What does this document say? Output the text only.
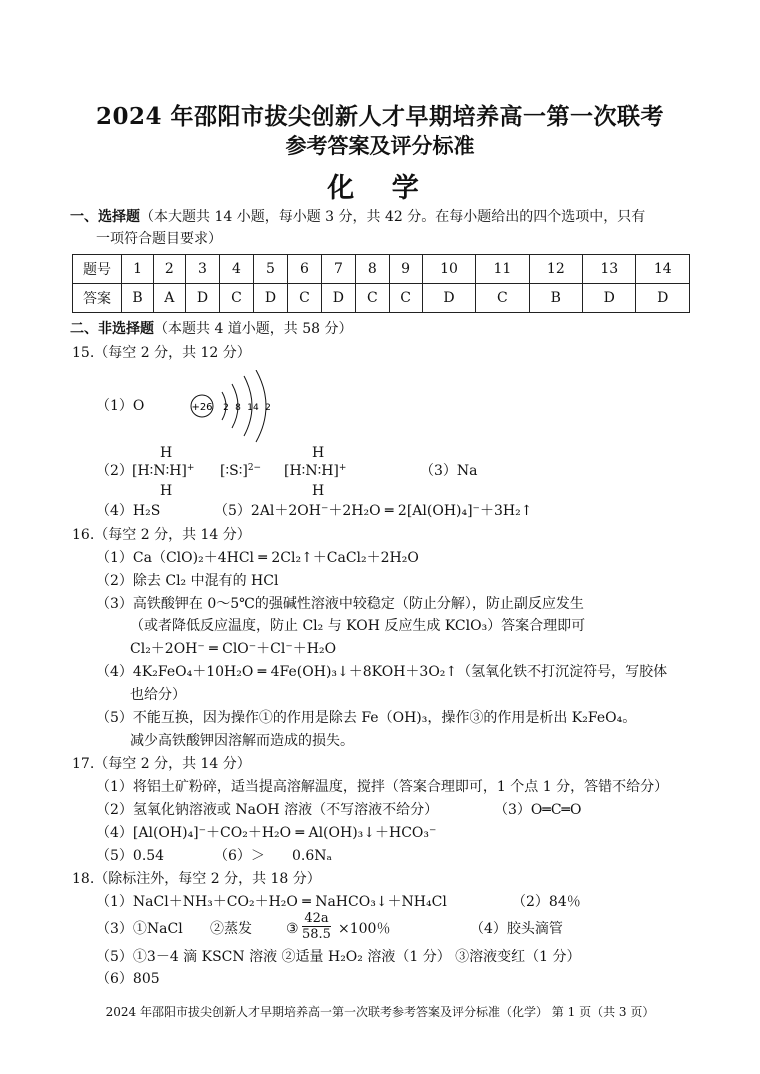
2024 年邵阳市拔尖创新人才早期培养高一第一次联考
参考答案及评分标准
化 学
一、选择题（本大题共 14 小题，每小题 3 分，共 42 分。在每小题给出的四个选项中，只有
一项符合题目要求）
题号	1	2	3	4	5	6	7	8	9	10	11	12	13	14
答案	B	A	D	C	D	C	D	C	C	D	C	B	D	D
二、非选择题（本题共 4 道小题，共 58 分）
15.（每空 2 分，共 12 分）
（1）O	+26 2 8 14 2
（2）
H
H
[H∶N∶H]+ [∶S∶]$^{2-}$
H
H
[H∶N∶H]+	（3）Na
（4）H₂S	（5）2Al＋2OH⁻＋2H₂O ═ 2[Al(OH)₄]⁻＋3H₂↑
16.（每空 2 分，共 14 分）
（1）Ca（ClO)₂＋4HCl ═ 2Cl₂↑＋CaCl₂＋2H₂O
（2）除去 Cl₂ 中混有的 HCl
（3）高铁酸钾在 0～5℃的强碱性溶液中较稳定（防止分解），防止副反应发生
（或者降低反应温度，防止 Cl₂ 与 KOH 反应生成 KClO₃）答案合理即可
Cl₂＋2OH⁻ ═ ClO⁻＋Cl⁻＋H₂O
（4）4K₂FeO₄＋10H₂O ═ 4Fe(OH)₃↓＋8KOH＋3O₂↑（氢氧化铁不打沉淀符号，写胶体
也给分）
（5）不能互换，因为操作①的作用是除去 Fe（OH)₃，操作③的作用是析出 K₂FeO₄。
减少高铁酸钾因溶解而造成的损失。
17.（每空 2 分，共 14 分）
（1）将铝土矿粉碎，适当提高溶解温度，搅拌（答案合理即可，1 个点 1 分，答错不给分）
（2）氢氧化钠溶液或 NaOH 溶液（不写溶液不给分）	（3）O═C═O
（4）[Al(OH)₄]⁻＋CO₂＋H₂O ═ Al(OH)₃↓＋HCO₃⁻
（5）0.54	（6）＞ 0.6Nₐ
18.（除标注外，每空 2 分，共 18 分）
（1）NaCl＋NH₃＋CO₂＋H₂O ═ NaHCO₃↓＋NH₄Cl	（2）84％
（3）①NaCl ②蒸发 ③ $\frac{42a}{58.5} \times 100$％	（4）胶头滴管
（5）①3－4 滴 KSCN 溶液 ②适量 H₂O₂ 溶液（1 分） ③溶液变红（1 分）
（6）805
2024 年邵阳市拔尖创新人才早期培养高一第一次联考参考答案及评分标准（化学） 第 1 页（共 3 页）
